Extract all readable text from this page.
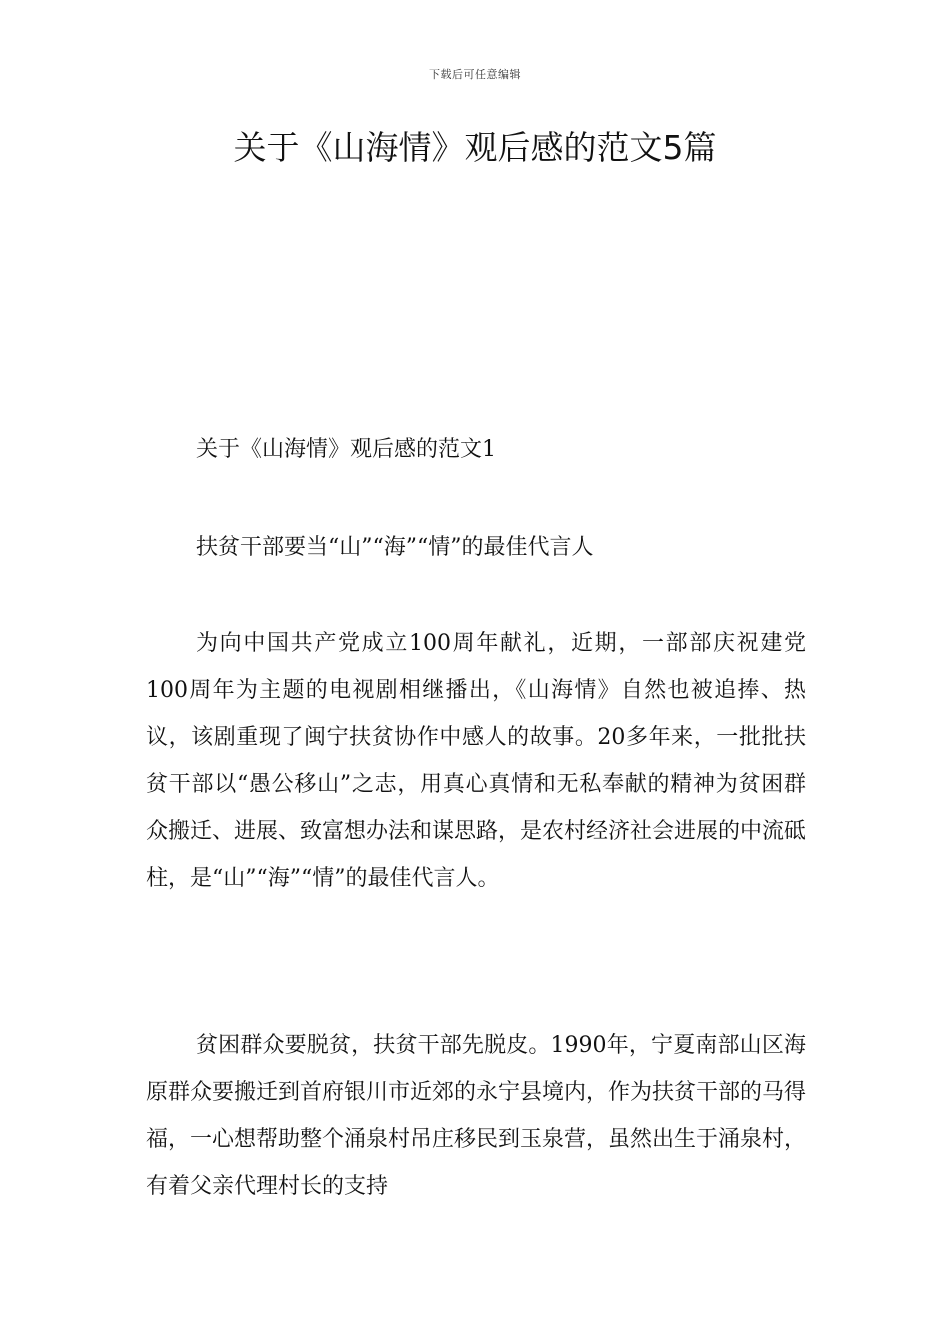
下载后可任意编辑
关于《山海情》观后感的范文5篇

关于《山海情》观后感的范文1

扶贫干部要当“山”“海”“情”的最佳代言人

为向中国共产党成立100周年献礼，近期，一部部庆祝建党100周年为主题的电视剧相继播出，《山海情》自然也被追捧、热议，该剧重现了闽宁扶贫协作中感人的故事。20多年来，一批批扶贫干部以“愚公移山”之志，用真心真情和无私奉献的精神为贫困群众搬迁、进展、致富想办法和谋思路，是农村经济社会进展的中流砥柱，是“山”“海”“情”的最佳代言人。

贫困群众要脱贫，扶贫干部先脱皮。1990年，宁夏南部山区海原群众要搬迁到首府银川市近郊的永宁县境内，作为扶贫干部的马得福，一心想帮助整个涌泉村吊庄移民到玉泉营，虽然出生于涌泉村，有着父亲代理村长的支持
